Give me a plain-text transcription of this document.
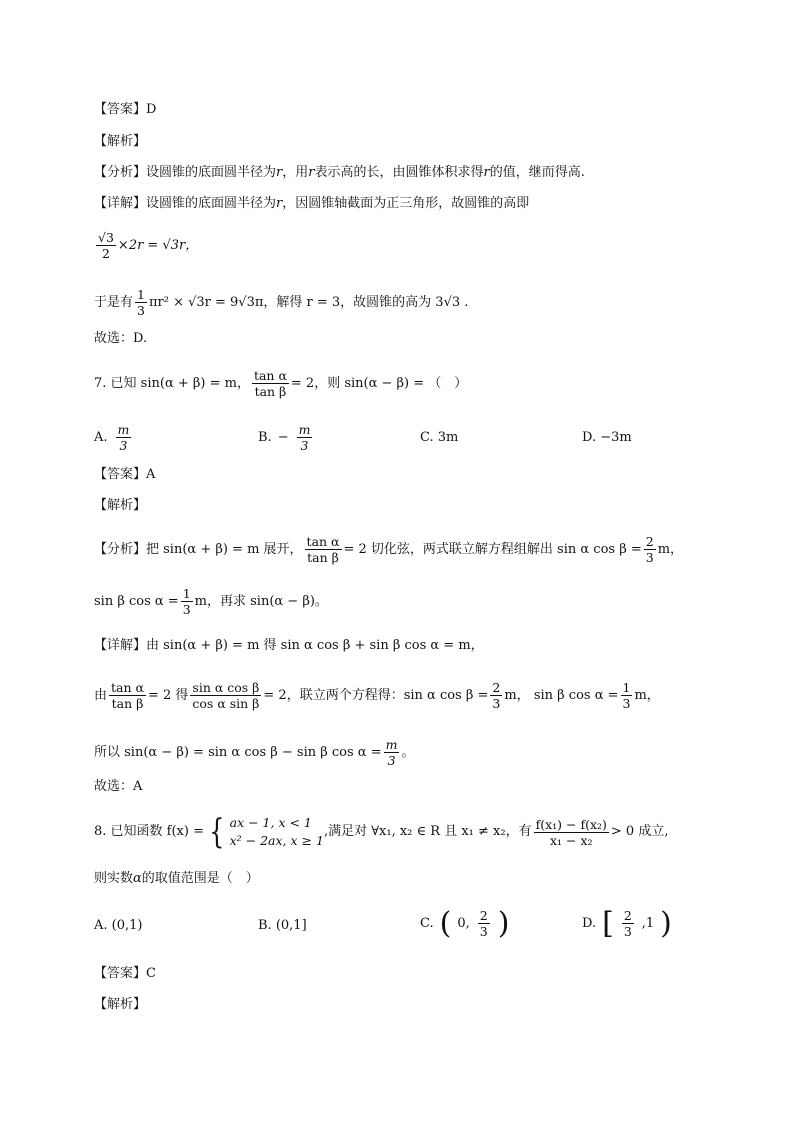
【答案】D
【解析】
【分析】设圆锥的底面圆半径为r，用r表示高的长，由圆锥体积求得r的值，继而得高.
【详解】设圆锥的底面圆半径为r，因圆锥轴截面为正三角形，故圆锥的高即
$\frac{√3}{2} \times 2r = √3r$，
于是有 $\frac{1}{3} \pi r^2 \times √3r = 9√3\pi$，解得 r = 3，故圆锥的高为 3√3 .
故选：D.
7. 已知 sin(α + β) = m， $\frac{\text{tan α}}{\text{tan β}} = 2$，则 sin(α − β) = （　）
A. $\frac{m}{3}$	B. − $\frac{m}{3}$	C. 3m	D. −3m
【答案】A
【解析】
【分析】把 sin(α + β) = m 展开， $\frac{\text{tan α}}{\text{tan β}} = 2$ 切化弦，两式联立解方程组解出 sin α $\cos \beta = \frac{2}{3}$ m，
sin β $\cos \alpha = \frac{1}{3}$ m，再求 sin(α − β)。
【详解】由 sin(α + β) = m 得 sin α cos β + sin β cos α = m，
由 $\frac{\text{tan α}}{\text{tan β}} = 2$ 得 $\frac{\text{sin α cos β}}{\text{cos α sin β}} = 2$，联立两个方程得：sin α $\cos \beta = \frac{2}{3}$ m， sin β $\cos \alpha = \frac{1}{3}$ m，
所以 sin(α − β) = sin α cos β − sin β $\cos \alpha = \frac{m}{3}$ 。
故选：A
8. 已知函数 f(x) = { ax − 1, x < 1
x² − 2ax, x ≥ 1
,满足对 ∀x₁, x₂ ∈ R 且 x₁ ≠ x₂，有 $\frac{\text{f(x₁) − f(x₂)}}{\text{x₁ − x₂}} > 0$ 成立,
则实数α的取值范围是（　）
A. (0,1)	B. (0,1]	C. ( 0, $\frac{2}{3}$ )	D. [ $\frac{2}{3} ,1$ )
【答案】C
【解析】
